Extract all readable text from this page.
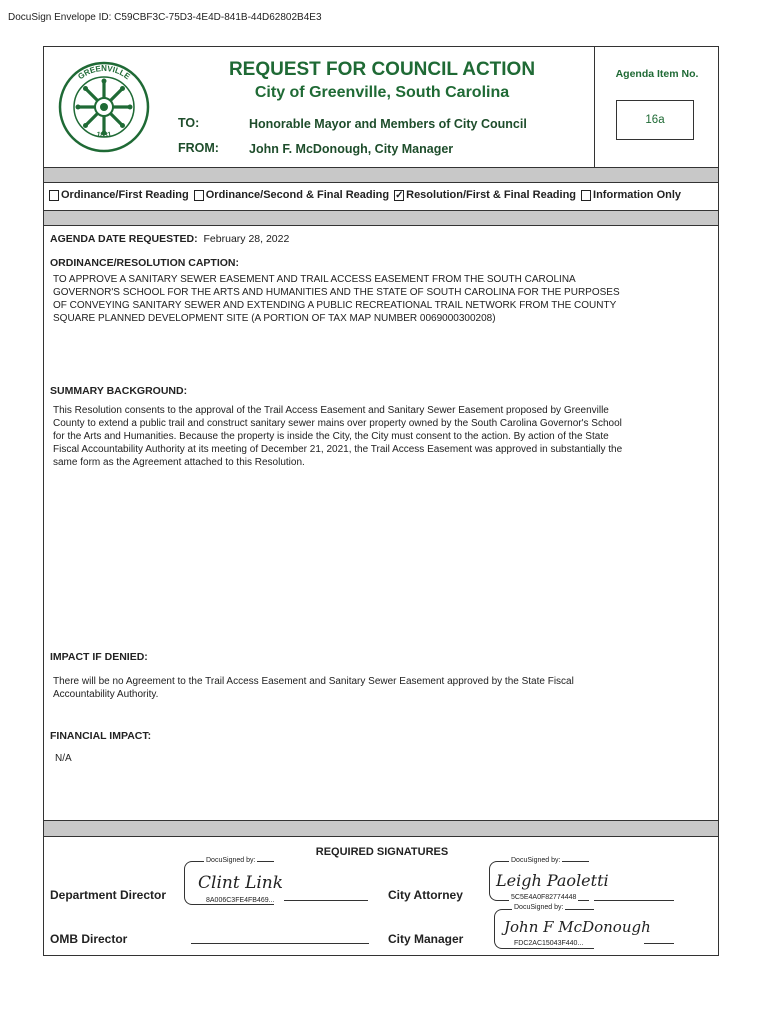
DocuSign Envelope ID: C59CBF3C-75D3-4E4D-841B-44D62802B4E3
GREENVILLE
1831
REQUEST FOR COUNCIL ACTION
City of Greenville, South Carolina
TO:	Honorable Mayor and Members of City Council
FROM: John F. McDonough, City Manager
Agenda Item No.
16a
Ordinance/First Reading Ordinance/Second & Final Reading ✓ Resolution/First & Final Reading Information Only
AGENDA DATE REQUESTED: February 28, 2022
ORDINANCE/RESOLUTION CAPTION:
TO APPROVE A SANITARY SEWER EASEMENT AND TRAIL ACCESS EASEMENT FROM THE SOUTH CAROLINA
GOVERNOR'S SCHOOL FOR THE ARTS AND HUMANITIES AND THE STATE OF SOUTH CAROLINA FOR THE PURPOSES
OF CONVEYING SANITARY SEWER AND EXTENDING A PUBLIC RECREATIONAL TRAIL NETWORK FROM THE COUNTY
SQUARE PLANNED DEVELOPMENT SITE (A PORTION OF TAX MAP NUMBER 0069000300208)
SUMMARY BACKGROUND:
This Resolution consents to the approval of the Trail Access Easement and Sanitary Sewer Easement proposed by Greenville
County to extend a public trail and construct sanitary sewer mains over property owned by the South Carolina Governor's School
for the Arts and Humanities. Because the property is inside the City, the City must consent to the action. By action of the State
Fiscal Accountability Authority at its meeting of December 21, 2021, the Trail Access Easement was approved in substantially the
same form as the Agreement attached to this Resolution.
IMPACT IF DENIED:
There will be no Agreement to the Trail Access Easement and Sanitary Sewer Easement approved by the State Fiscal
Accountability Authority.
FINANCIAL IMPACT:
N/A
REQUIRED SIGNATURES
Department Director
DocuSigned by:
Clint Link
8A006C3FE4FB469...
OMB Director
City Attorney
DocuSigned by:
Leigh Paoletti
5C5E4A0F82774448
City Manager
DocuSigned by:
John F McDonough
FDC2AC15043F440...
